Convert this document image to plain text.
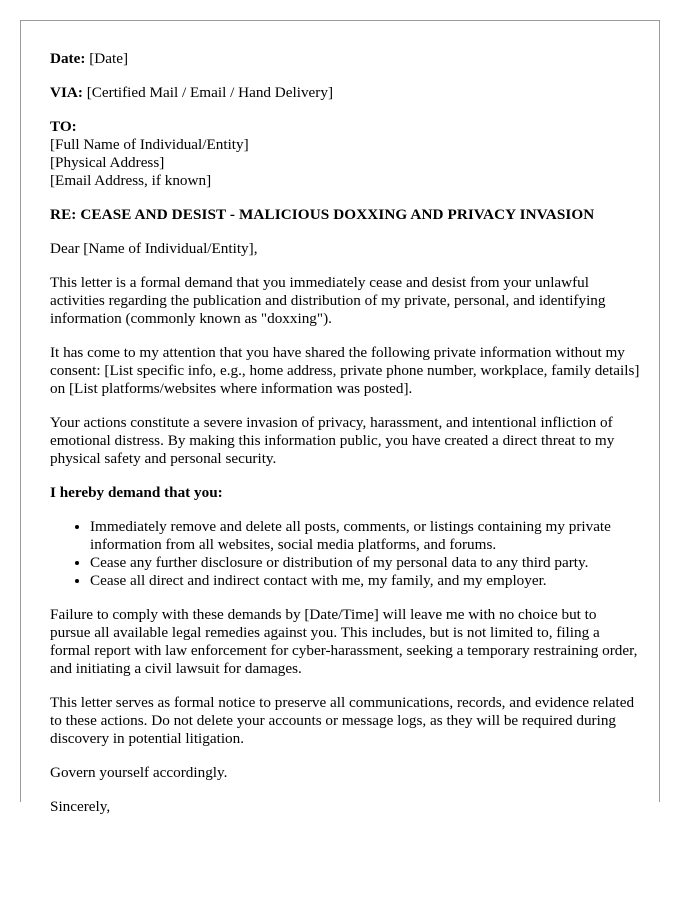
Date: [Date]

VIA: [Certified Mail / Email / Hand Delivery]

TO:
[Full Name of Individual/Entity]
[Physical Address]
[Email Address, if known]

RE: CEASE AND DESIST - MALICIOUS DOXXING AND PRIVACY INVASION

Dear [Name of Individual/Entity],

This letter is a formal demand that you immediately cease and desist from your unlawful activities regarding the publication and distribution of my private, personal, and identifying information (commonly known as "doxxing").

It has come to my attention that you have shared the following private information without my consent: [List specific info, e.g., home address, private phone number, workplace, family details] on [List platforms/websites where information was posted].

Your actions constitute a severe invasion of privacy, harassment, and intentional infliction of emotional distress. By making this information public, you have created a direct threat to my physical safety and personal security.

I hereby demand that you:

• Immediately remove and delete all posts, comments, or listings containing my private information from all websites, social media platforms, and forums.
• Cease any further disclosure or distribution of my personal data to any third party.
• Cease all direct and indirect contact with me, my family, and my employer.

Failure to comply with these demands by [Date/Time] will leave me with no choice but to pursue all available legal remedies against you. This includes, but is not limited to, filing a formal report with law enforcement for cyber-harassment, seeking a temporary restraining order, and initiating a civil lawsuit for damages.

This letter serves as formal notice to preserve all communications, records, and evidence related to these actions. Do not delete your accounts or message logs, as they will be required during discovery in potential litigation.

Govern yourself accordingly.

Sincerely,
